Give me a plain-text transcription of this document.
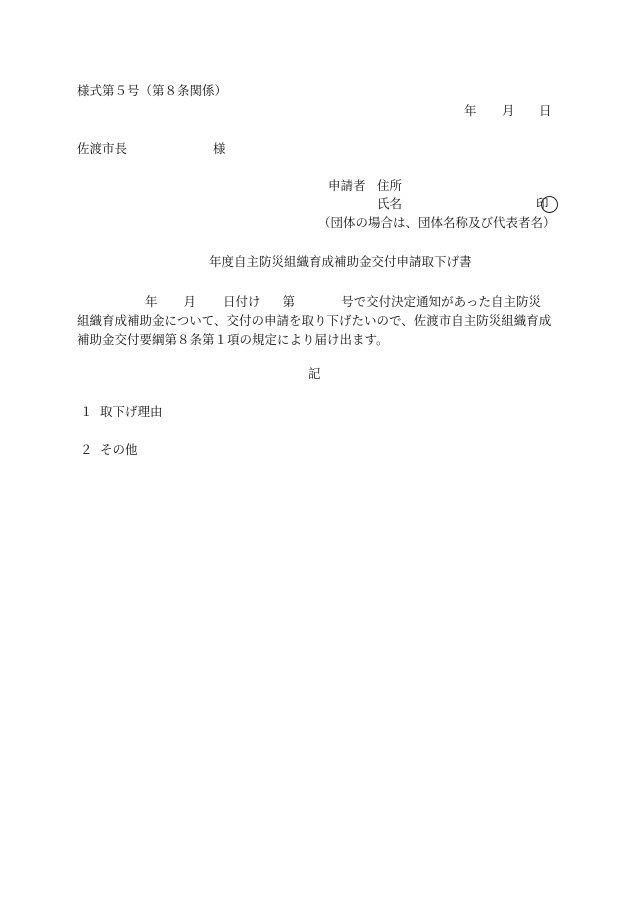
様式第５号（第８条関係）
年 月 日
佐渡市長	様
申請者 住所
氏名	印
（団体の場合は、団体名称及び代表者名）
年度自主防災組織育成補助金交付申請取下げ書
年 月 日付け 第	号で交付決定通知があった自主防災
組織育成補助金について、交付の申請を取り下げたいので、佐渡市自主防災組織育成
補助金交付要綱第８条第１項の規定により届け出ます。
記
１ 取下げ理由
２ その他
